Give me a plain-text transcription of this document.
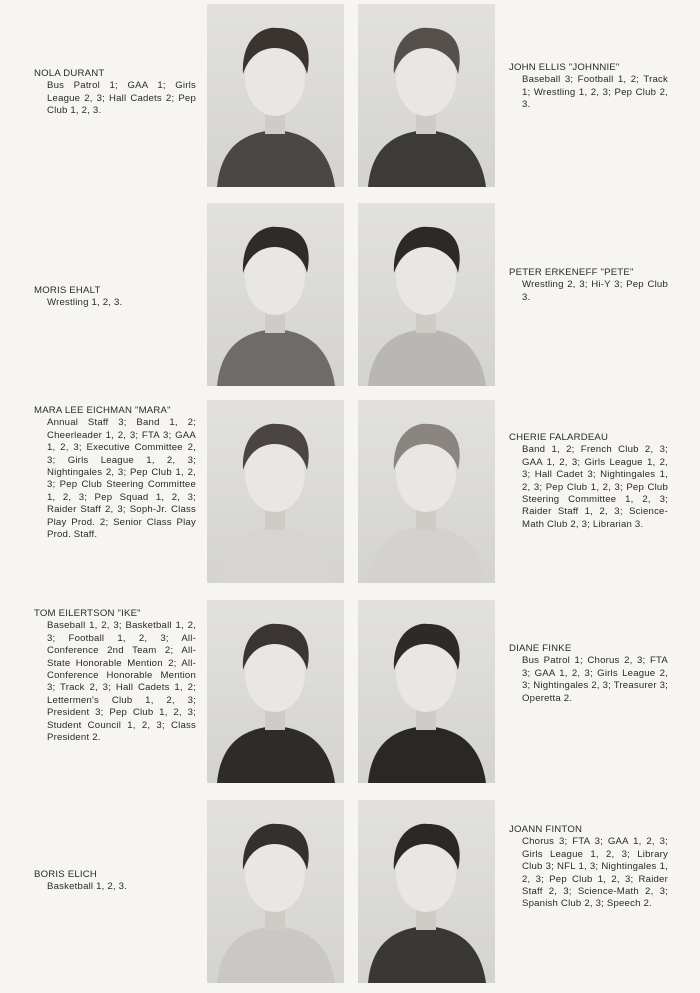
NOLA DURANT
Bus Patrol 1; GAA 1; Girls League 2, 3; Hall Cadets 2; Pep Club 1, 2, 3.
JOHN ELLIS "JOHNNIE"
Baseball 3; Football 1, 2; Track 1; Wrestling 1, 2, 3; Pep Club 2, 3.
MORIS EHALT
Wrestling 1, 2, 3.
PETER ERKENEFF "PETE"
Wrestling 2, 3; Hi-Y 3; Pep Club 3.
MARA LEE EICHMAN "MARA"
Annual Staff 3; Band 1, 2; Cheerleader 1, 2, 3; FTA 3; GAA 1, 2, 3; Executive Committee 2, 3; Girls League 1, 2, 3; Nightingales 2, 3; Pep Club 1, 2, 3; Pep Club Steering Committee 1, 2, 3; Pep Squad 1, 2, 3; Raider Staff 2, 3; Soph-Jr. Class Play Prod. 2; Senior Class Play Prod. Staff.
CHERIE FALARDEAU
Band 1, 2; French Club 2, 3; GAA 1, 2, 3; Girls League 1, 2, 3; Hall Cadet 3; Nightingales 1, 2, 3; Pep Club 1, 2, 3; Pep Club Steering Committee 1, 2, 3; Raider Staff 1, 2, 3; Science-Math Club 2, 3; Librarian 3.
TOM EILERTSON "IKE"
Baseball 1, 2, 3; Basketball 1, 2, 3; Football 1, 2, 3; All-Conference 2nd Team 2; All-State Honorable Mention 2; All-Conference Honorable Mention 3; Track 2, 3; Hall Cadets 1, 2; Lettermen's Club 1, 2, 3; President 3; Pep Club 1, 2, 3; Student Council 1, 2, 3; Class President 2.
DIANE FINKE
Bus Patrol 1; Chorus 2, 3; FTA 3; GAA 1, 2, 3; Girls League 2, 3; Nightingales 2, 3; Treasurer 3; Operetta 2.
BORIS ELICH
Basketball 1, 2, 3.
JOANN FINTON
Chorus 3; FTA 3; GAA 1, 2, 3; Girls League 1, 2, 3; Library Club 3; NFL 1, 3; Nightingales 1, 2, 3; Pep Club 1, 2, 3; Raider Staff 2, 3; Science-Math 2, 3; Spanish Club 2, 3; Speech 2.
